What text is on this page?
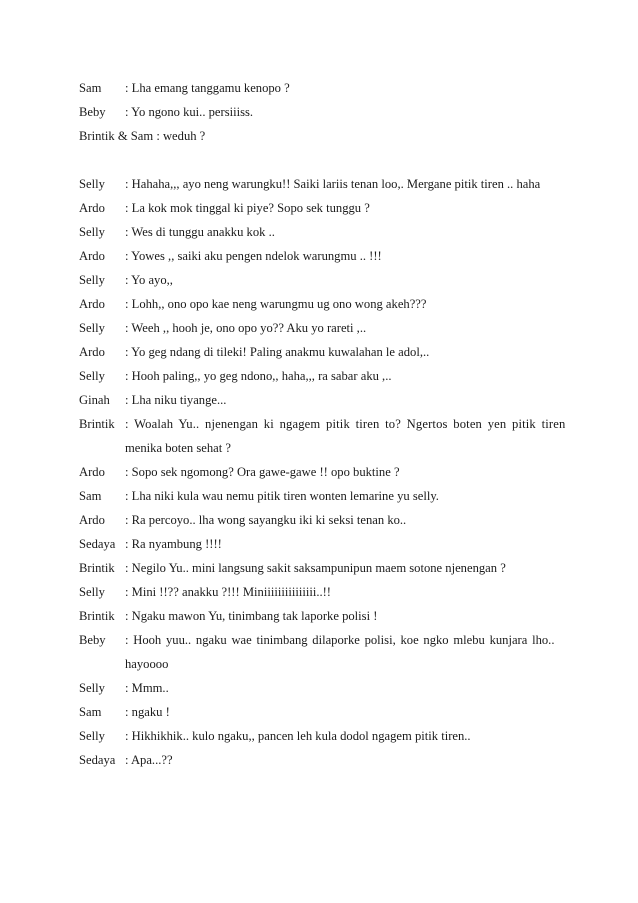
Sam	: Lha emang tanggamu kenopo ?
Beby	: Yo ngono kui.. persiiiss.
Brintik & Sam : weduh ?
Selly	: Hahaha,,, ayo neng warungku!! Saiki lariis tenan loo,. Mergane pitik tiren .. haha
Ardo	: La kok mok tinggal ki piye? Sopo sek tunggu ?
Selly	: Wes di tunggu anakku kok ..
Ardo	: Yowes ,, saiki aku pengen ndelok warungmu .. !!!
Selly	: Yo ayo,,
Ardo	: Lohh,, ono opo kae neng warungmu ug ono wong akeh???
Selly	: Weeh ,, hooh je, ono opo yo?? Aku yo rareti ,..
Ardo	: Yo geg ndang di tileki! Paling anakmu kuwalahan le adol,..
Selly	: Hooh paling,, yo geg ndono,, haha,,, ra sabar aku ,..
Ginah	: Lha niku tiyange...
Brintik : Woalah Yu.. njenengan ki ngagem pitik tiren to? Ngertos boten yen pitik tiren
menika boten sehat ?
Ardo	: Sopo sek ngomong? Ora gawe-gawe !! opo buktine ?
Sam	: Lha niki kula wau nemu pitik tiren wonten lemarine yu selly.
Ardo	: Ra percoyo.. lha wong sayangku iki ki seksi tenan ko..
Sedaya : Ra nyambung !!!!
Brintik : Negilo Yu.. mini langsung sakit saksampunipun maem sotone njenengan ?
Selly	: Mini !!?? anakku ?!!! Miniiiiiiiiiiiiiii..!!
Brintik : Ngaku mawon Yu, tinimbang tak laporke polisi !
Beby	: Hooh yuu.. ngaku wae tinimbang dilaporke polisi, koe ngko mlebu kunjara lho..
hayoooo
Selly	: Mmm..
Sam	: ngaku !
Selly	: Hikhikhik.. kulo ngaku,, pancen leh kula dodol ngagem pitik tiren..
Sedaya : Apa...??
